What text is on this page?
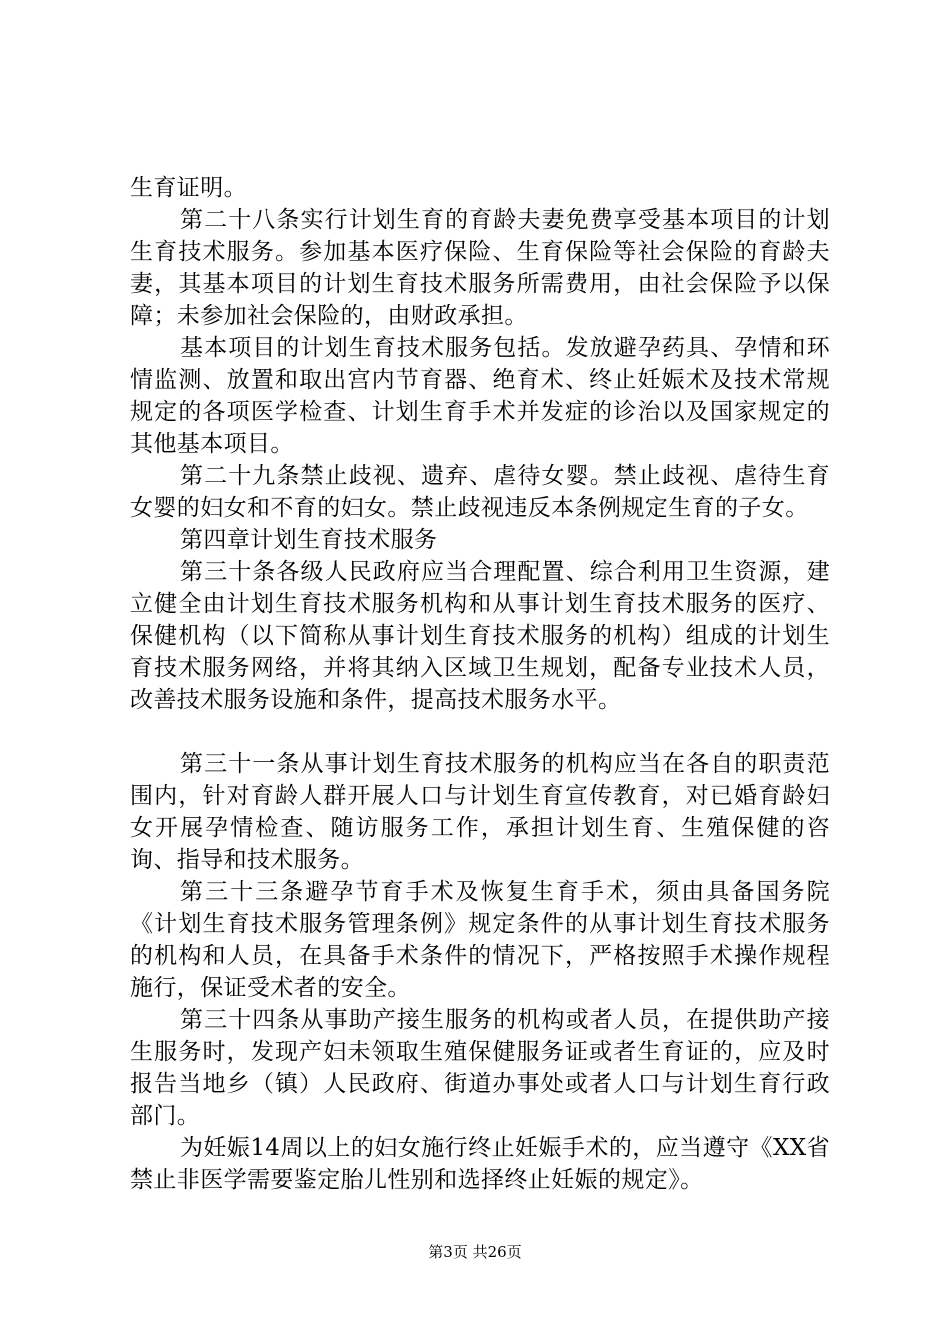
生育证明。

第二十八条实行计划生育的育龄夫妻免费享受基本项目的计划生育技术服务。参加基本医疗保险、生育保险等社会保险的育龄夫妻，其基本项目的计划生育技术服务所需费用，由社会保险予以保障；未参加社会保险的，由财政承担。

基本项目的计划生育技术服务包括。发放避孕药具、孕情和环情监测、放置和取出宫内节育器、绝育术、终止妊娠术及技术常规规定的各项医学检查、计划生育手术并发症的诊治以及国家规定的其他基本项目。

第二十九条禁止歧视、遗弃、虐待女婴。禁止歧视、虐待生育女婴的妇女和不育的妇女。禁止歧视违反本条例规定生育的子女。

第四章计划生育技术服务

第三十条各级人民政府应当合理配置、综合利用卫生资源，建立健全由计划生育技术服务机构和从事计划生育技术服务的医疗、保健机构（以下简称从事计划生育技术服务的机构）组成的计划生育技术服务网络，并将其纳入区域卫生规划，配备专业技术人员，改善技术服务设施和条件，提高技术服务水平。

第三十一条从事计划生育技术服务的机构应当在各自的职责范围内，针对育龄人群开展人口与计划生育宣传教育，对已婚育龄妇女开展孕情检查、随访服务工作，承担计划生育、生殖保健的咨询、指导和技术服务。

第三十三条避孕节育手术及恢复生育手术，须由具备国务院《计划生育技术服务管理条例》规定条件的从事计划生育技术服务的机构和人员，在具备手术条件的情况下，严格按照手术操作规程施行，保证受术者的安全。

第三十四条从事助产接生服务的机构或者人员，在提供助产接生服务时，发现产妇未领取生殖保健服务证或者生育证的，应及时报告当地乡（镇）人民政府、街道办事处或者人口与计划生育行政部门。

为妊娠14周以上的妇女施行终止妊娠手术的，应当遵守《XX省禁止非医学需要鉴定胎儿性别和选择终止妊娠的规定》。

第3页 共26页
